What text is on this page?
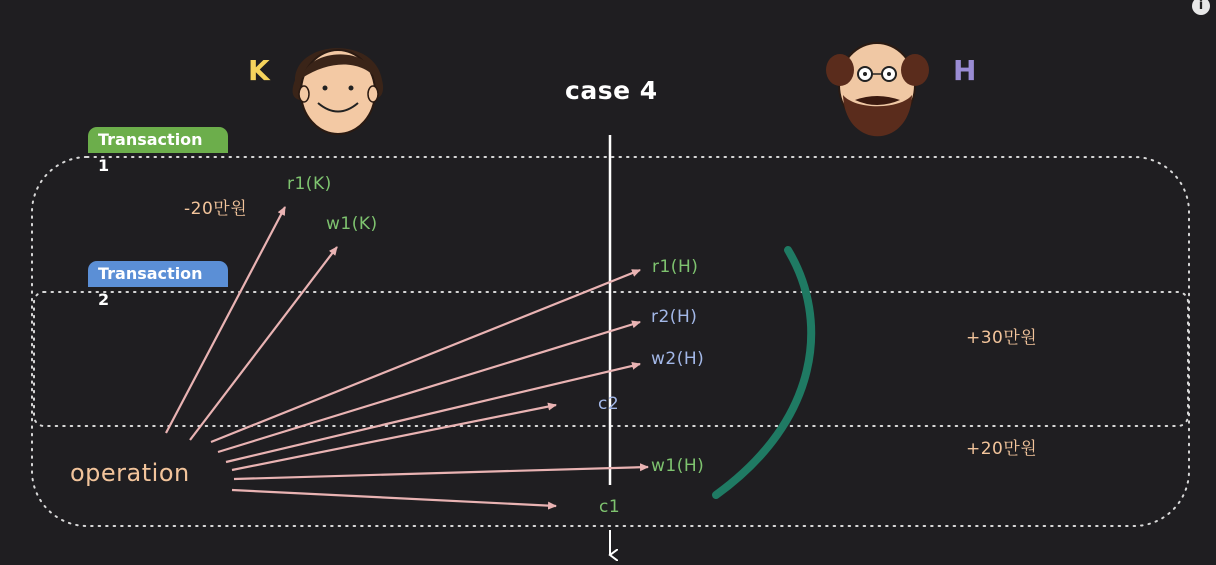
i
case 4
K	H
Transaction 1
Transaction 2
operation
r1(K)
w1(K)
r1(H)
r2(H)
w2(H)
c2
w1(H)
c1
-20만원
+30만원
+20만원
